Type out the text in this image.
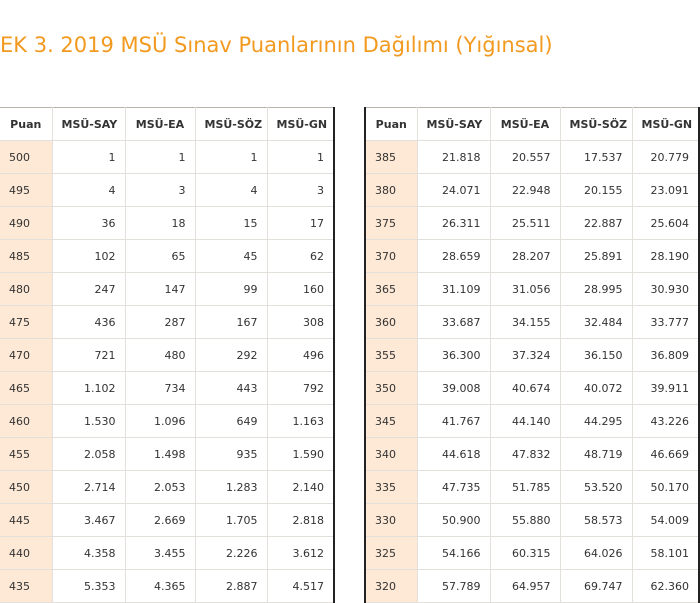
EK 3. 2019 MSÜ Sınav Puanlarının Dağılımı (Yığınsal)
Puan	MSÜ-SAY	MSÜ-EA	MSÜ-SÖZ	MSÜ-GN
500	1	1	1	1
495	4	3	4	3
490	36	18	15	17
485	102	65	45	62
480	247	147	99	160
475	436	287	167	308
470	721	480	292	496
465	1.102	734	443	792
460	1.530	1.096	649	1.163
455	2.058	1.498	935	1.590
450	2.714	2.053	1.283	2.140
445	3.467	2.669	1.705	2.818
440	4.358	3.455	2.226	3.612
435	5.353	4.365	2.887	4.517
Puan	MSÜ-SAY	MSÜ-EA	MSÜ-SÖZ	MSÜ-GN
385	21.818	20.557	17.537	20.779
380	24.071	22.948	20.155	23.091
375	26.311	25.511	22.887	25.604
370	28.659	28.207	25.891	28.190
365	31.109	31.056	28.995	30.930
360	33.687	34.155	32.484	33.777
355	36.300	37.324	36.150	36.809
350	39.008	40.674	40.072	39.911
345	41.767	44.140	44.295	43.226
340	44.618	47.832	48.719	46.669
335	47.735	51.785	53.520	50.170
330	50.900	55.880	58.573	54.009
325	54.166	60.315	64.026	58.101
320	57.789	64.957	69.747	62.360
